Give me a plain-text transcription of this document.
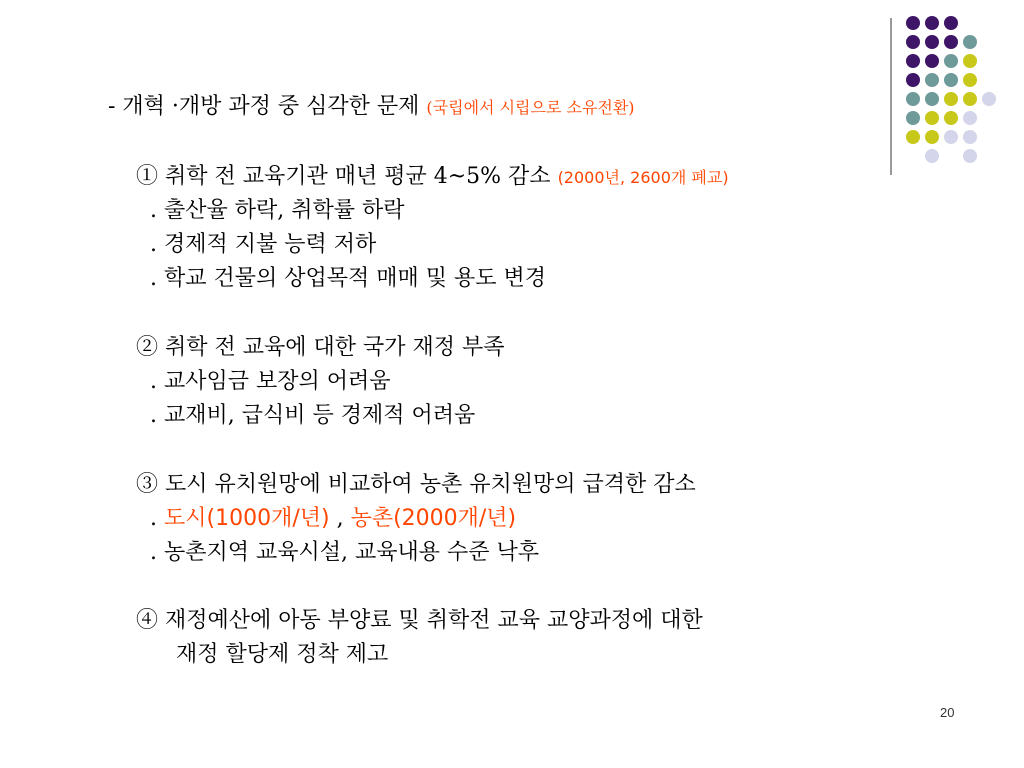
- 개혁 ·개방 과정 중 심각한 문제 (국립에서 시립으로 소유전환)
① 취학 전 교육기관 매년 평균 4~5% 감소 (2000년, 2600개 폐교)
. 출산율 하락, 취학률 하락
. 경제적 지불 능력 저하
. 학교 건물의 상업목적 매매 및 용도 변경
② 취학 전 교육에 대한 국가 재정 부족
. 교사임금 보장의 어려움
. 교재비, 급식비 등 경제적 어려움
③ 도시 유치원망에 비교하여 농촌 유치원망의 급격한 감소
. 도시(1000개/년) , 농촌(2000개/년)
. 농촌지역 교육시설, 교육내용 수준 낙후
④ 재정예산에 아동 부양료 및 취학전 교육 교양과정에 대한
재정 할당제 정착 제고
20
